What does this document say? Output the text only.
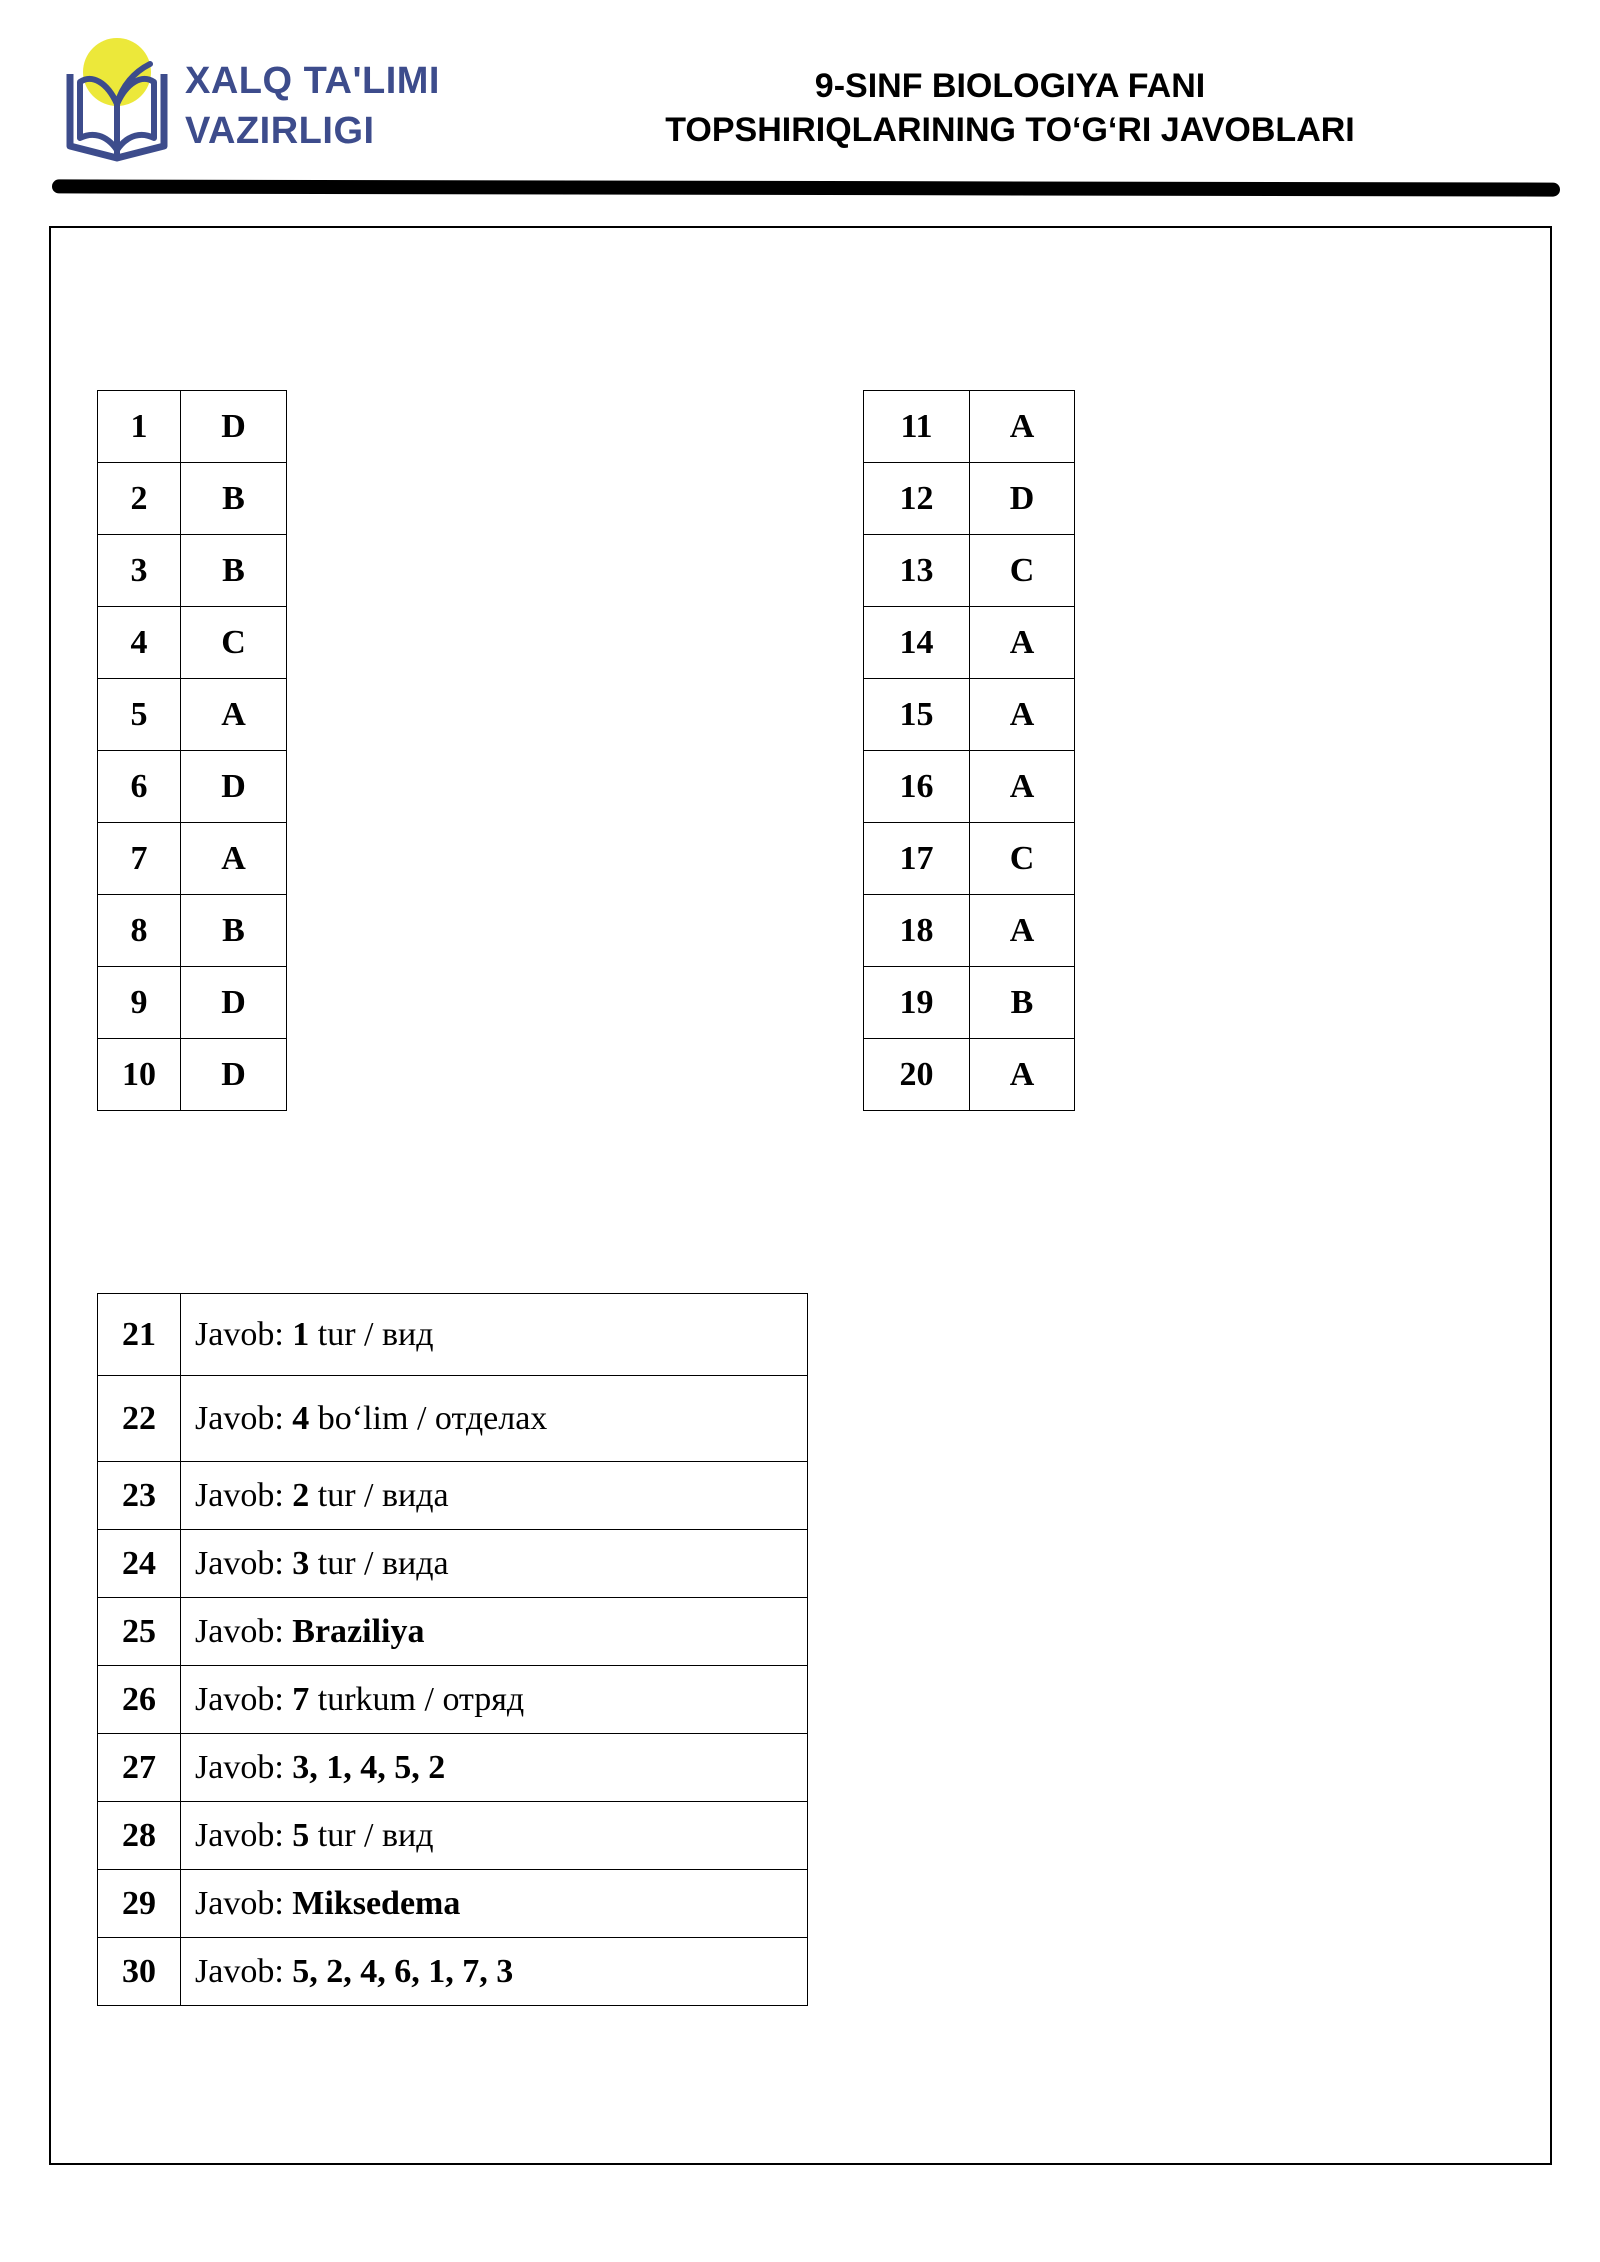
XALQ TA'LIMI
VAZIRLIGI
9-SINF BIOLOGIYA FANI
TOPSHIRIQLARINING TO‘G‘RI JAVOBLARI
1	D
2	B
3	B
4	C
5	A
6	D
7	A
8	B
9	D
10	D
11	A
12	D
13	C
14	A
15	A
16	A
17	C
18	A
19	B
20	A
21	Javob: 1 tur / вид
22	Javob: 4 bo‘lim / отделах
23	Javob: 2 tur / вида
24	Javob: 3 tur / вида
25	Javob: Braziliya
26	Javob: 7 turkum / отряд
27	Javob: 3, 1, 4, 5, 2
28	Javob: 5 tur / вид
29	Javob: Miksedema
30	Javob: 5, 2, 4, 6, 1, 7, 3
